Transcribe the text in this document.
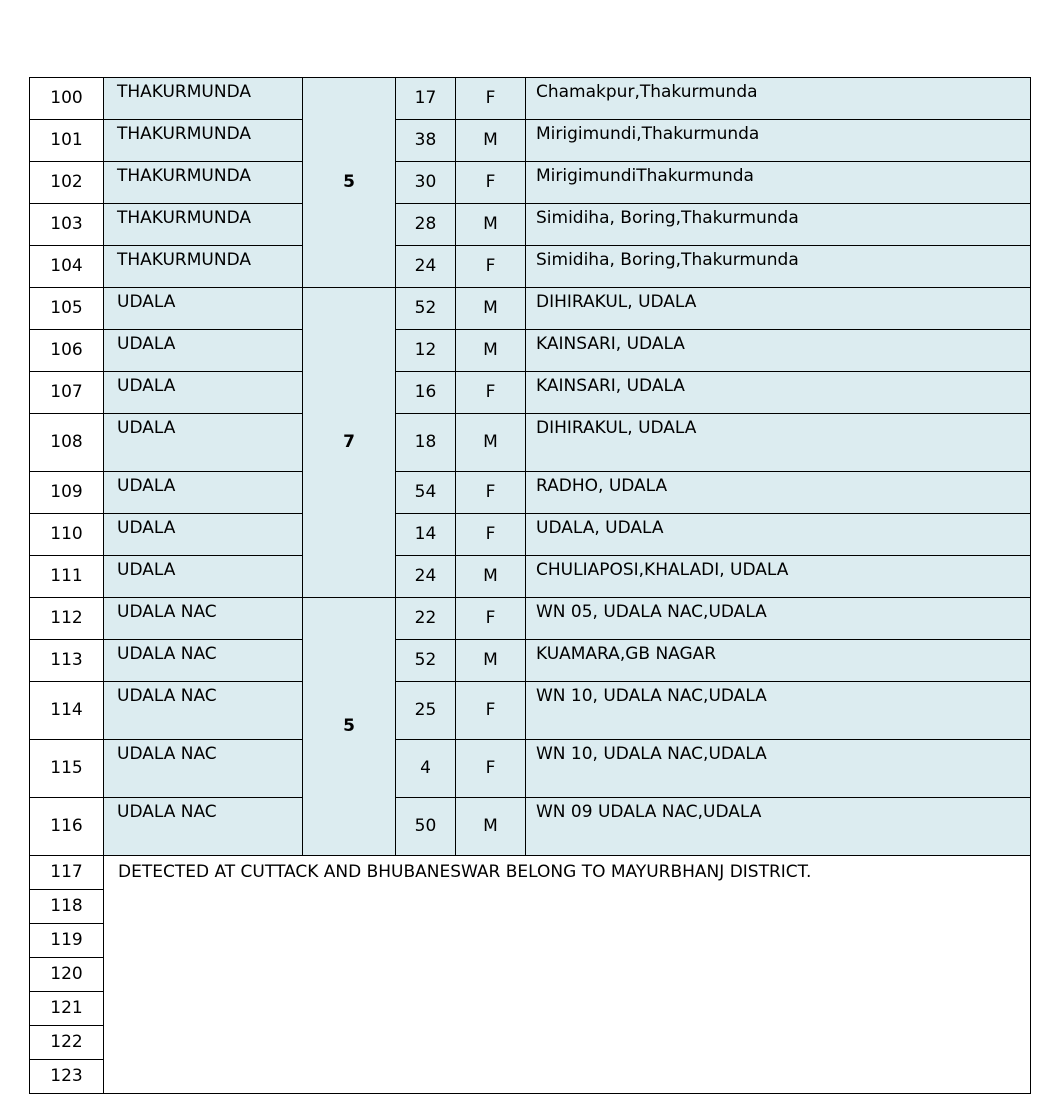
100	THAKURMUNDA	5	17	F	Chamakpur,Thakurmunda
101	THAKURMUNDA		38	M	Mirigimundi,Thakurmunda
102	THAKURMUNDA		30	F	MirigimundiThakurmunda
103	THAKURMUNDA		28	M	Simidiha, Boring,Thakurmunda
104	THAKURMUNDA		24	F	Simidiha, Boring,Thakurmunda
105	UDALA	7	52	M	DIHIRAKUL, UDALA
106	UDALA		12	M	KAINSARI, UDALA
107	UDALA		16	F	KAINSARI, UDALA
108	UDALA		18	M	DIHIRAKUL, UDALA
109	UDALA		54	F	RADHO, UDALA
110	UDALA		14	F	UDALA, UDALA
111	UDALA		24	M	CHULIAPOSI,KHALADI, UDALA
112	UDALA NAC	5	22	F	WN 05, UDALA NAC,UDALA
113	UDALA NAC		52	M	KUAMARA,GB NAGAR
114	UDALA NAC		25	F	WN 10, UDALA NAC,UDALA
115	UDALA NAC		4	F	WN 10, UDALA NAC,UDALA
116	UDALA NAC		50	M	WN 09 UDALA NAC,UDALA
117	DETECTED AT CUTTACK AND BHUBANESWAR BELONG TO MAYURBHANJ DISTRICT.				
118					
119					
120					
121					
122					
123					
